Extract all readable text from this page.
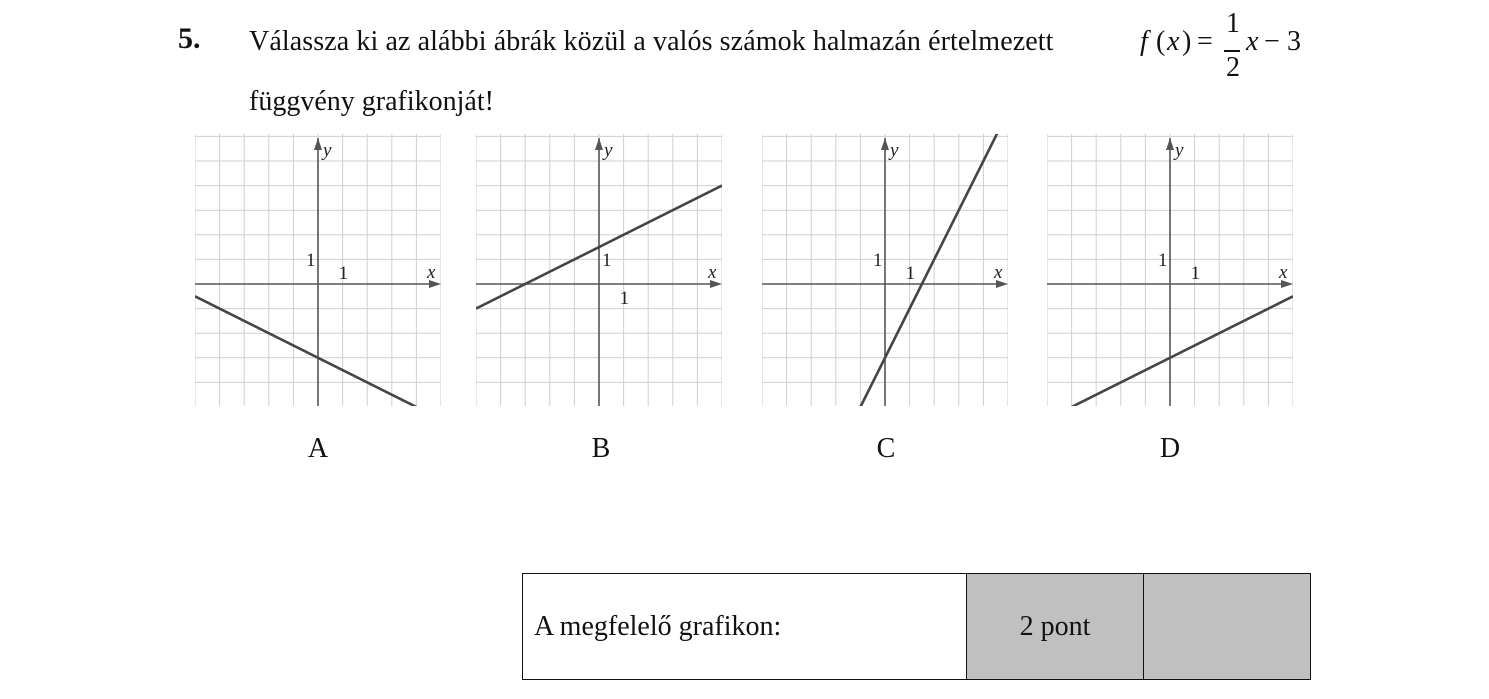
5. Válassza ki az alábbi ábrák közül a valós számok halmazán értelmezett
függvény grafikonját!
f ( x ) =
1
2
x − 3
y
x
1
1
y
x
1
1
y
x
1
1
y
x
1
1
A	B	C	D
A megfelelő grafikon:	2 pont	
